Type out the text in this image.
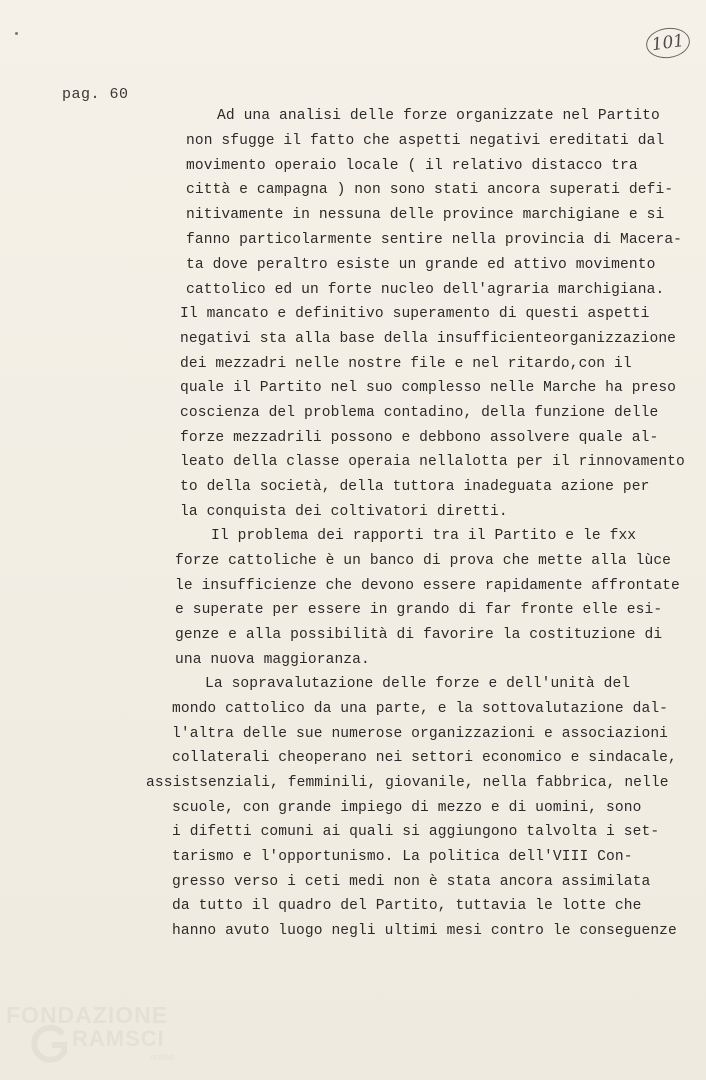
pag. 60
101
Ad una analisi delle forze organizzate nel Partito
non sfugge il fatto che aspetti negativi ereditati dal
movimento operaio locale ( il relativo distacco tra
città e campagna ) non sono stati ancora superati defi-
nitivamente in nessuna delle province marchigiane e si
fanno particolarmente sentire nella provincia di Macera-
ta dove peraltro esiste un grande ed attivo movimento
cattolico ed un forte nucleo dell'agraria marchigiana.
Il mancato e definitivo superamento di questi aspetti
negativi sta alla base della insufficienteorganizzazione
dei mezzadri nelle nostre file e nel ritardo,con il
quale il Partito nel suo complesso nelle Marche ha preso
coscienza del problema contadino, della funzione delle
forze mezzadrili possono e debbono assolvere quale al-
leato della classe operaia nellalotta per il rinnovamento
to della società, della tuttora inadeguata azione per
la conquista dei coltivatori diretti.
Il problema dei rapporti tra il Partito e le fxx
forze cattoliche è un banco di prova che mette alla lùce
le insufficienze che devono essere rapidamente affrontate
e superate per essere in grando di far fronte elle esi-
genze e alla possibilità di favorire la costituzione di
una nuova maggioranza.
La sopravalutazione delle forze e dell'unità del
mondo cattolico da una parte, e la sottovalutazione dal-
l'altra delle sue numerose organizzazioni e associazioni
collaterali cheoperano nei settori economico e sindacale,
assistsenziali, femminili, giovanile, nella fabbrica, nelle
scuole, con grande impiego di mezzo e di uomini, sono
i difetti comuni ai quali si aggiungono talvolta i set-
tarismo e l'opportunismo. La politica dell'VIII Con-
gresso verso i ceti medi non è stata ancora assimilata
da tutto il quadro del Partito, tuttavia le lotte che
hanno avuto luogo negli ultimi mesi contro le conseguenze
FONDAZIONE
RAMSCI
online
